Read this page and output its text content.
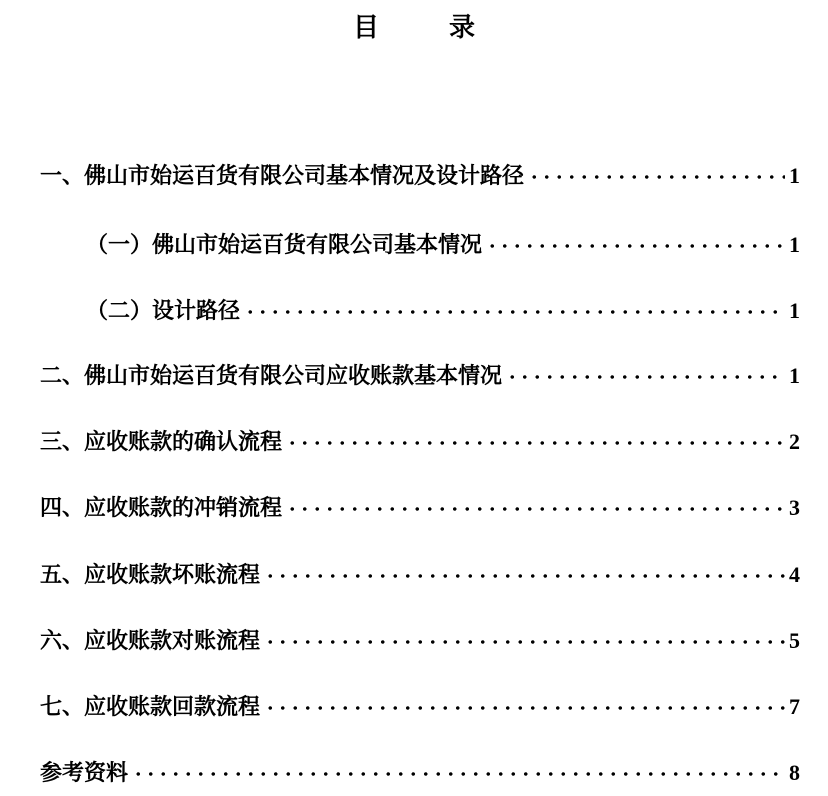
目　录
一、佛山市始运百货有限公司基本情况及设计路径	1
（一）佛山市始运百货有限公司基本情况	1
（二）设计路径	1
二、佛山市始运百货有限公司应收账款基本情况	1
三、应收账款的确认流程	2
四、应收账款的冲销流程	3
五、应收账款坏账流程	4
六、应收账款对账流程	5
七、应收账款回款流程	7
参考资料	8
